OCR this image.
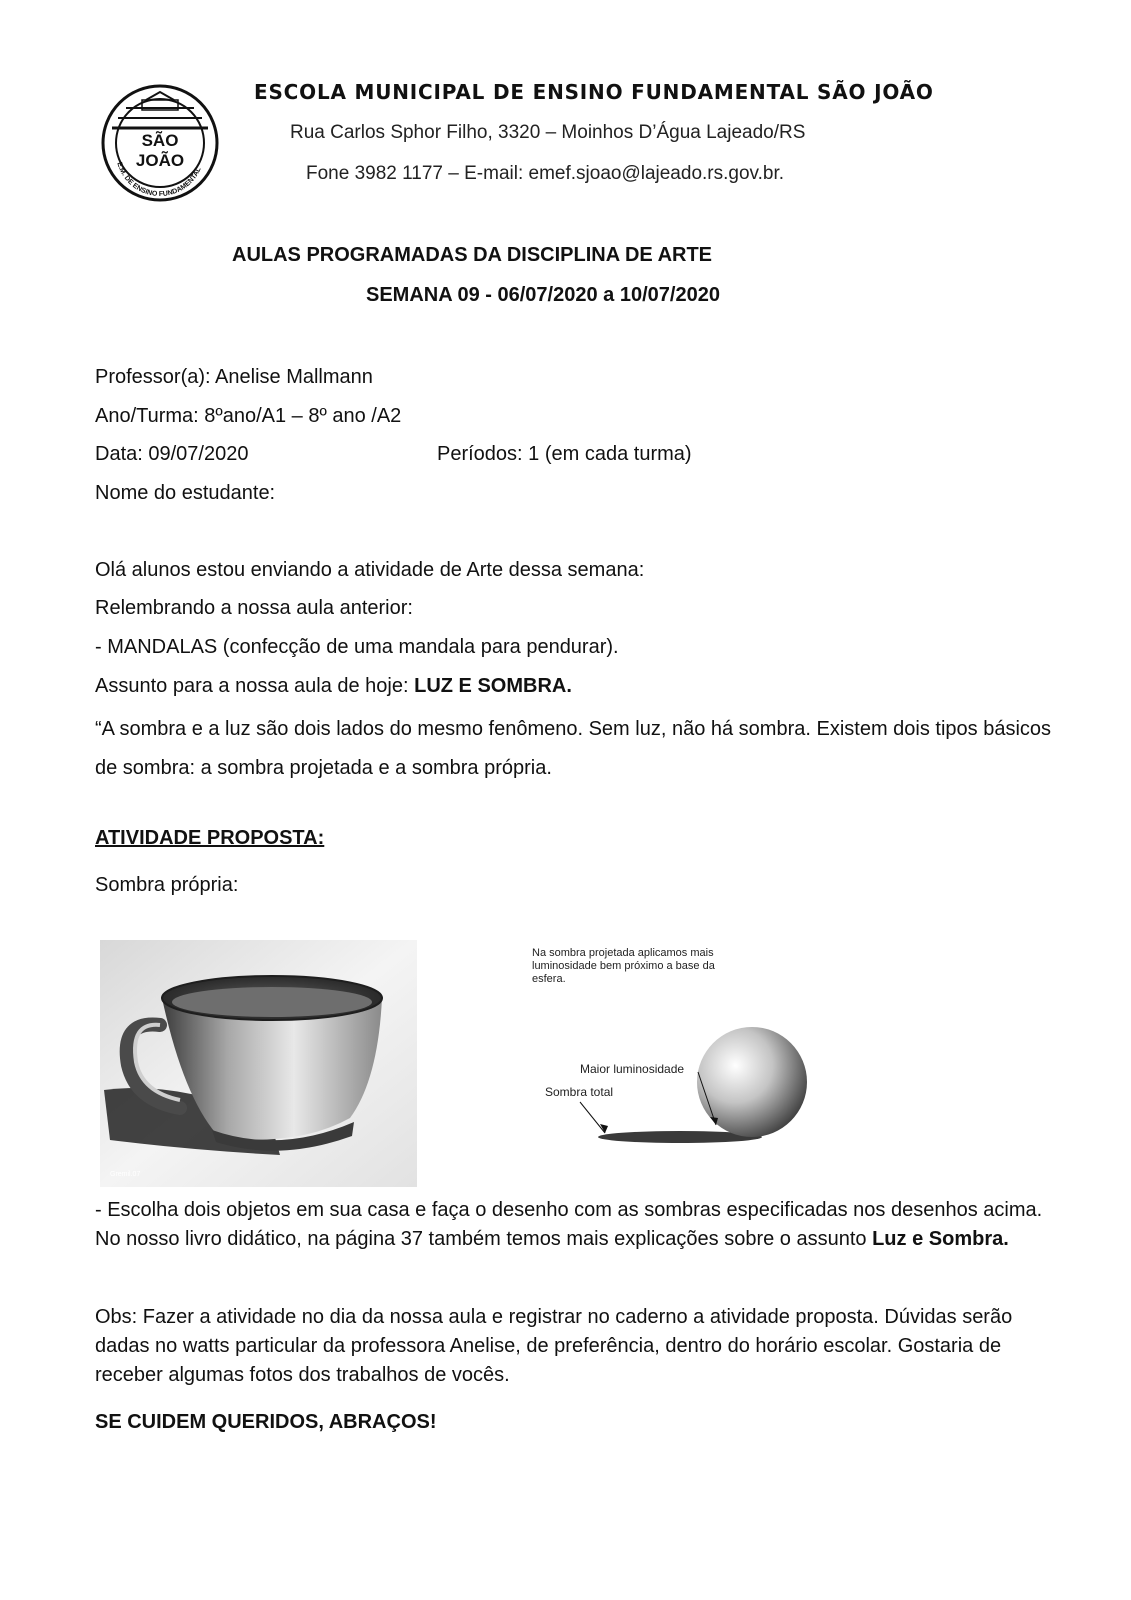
SÃO
JOÃO
E.M. DE ENSINO FUNDAMENTAL
ESCOLA MUNICIPAL DE ENSINO FUNDAMENTAL SÃO JOÃO
Rua Carlos Sphor Filho, 3320 – Moinhos D’Água Lajeado/RS
Fone 3982 1177 – E-mail: emef.sjoao@lajeado.rs.gov.br.
AULAS PROGRAMADAS DA DISCIPLINA DE ARTE
SEMANA 09 - 06/07/2020 a 10/07/2020
Professor(a): Anelise Mallmann
Ano/Turma: 8ºano/A1 – 8º ano /A2
Data: 09/07/2020	Períodos: 1 (em cada turma)
Nome do estudante:
Olá alunos estou enviando a atividade de Arte dessa semana:
Relembrando a nossa aula anterior:
- MANDALAS (confecção de uma mandala para pendurar).
Assunto para a nossa aula de hoje: LUZ E SOMBRA.
“A sombra e a luz são dois lados do mesmo fenômeno. Sem luz, não há sombra. Existem dois tipos básicos de sombra: a sombra projetada e a sombra própria.
ATIVIDADE PROPOSTA:
Sombra própria:
Gremil.07
Na sombra projetada aplicamos mais luminosidade bem próximo a base da esfera.
Maior luminosidade
Sombra total
- Escolha dois objetos em sua casa e faça o desenho com as sombras especificadas nos desenhos acima. No nosso livro didático, na página 37 também temos mais explicações sobre o assunto Luz e Sombra.
Obs: Fazer a atividade no dia da nossa aula e registrar no caderno a atividade proposta. Dúvidas serão dadas no watts particular da professora Anelise, de preferência, dentro do horário escolar. Gostaria de receber algumas fotos dos trabalhos de vocês.
SE CUIDEM QUERIDOS, ABRAÇOS!
